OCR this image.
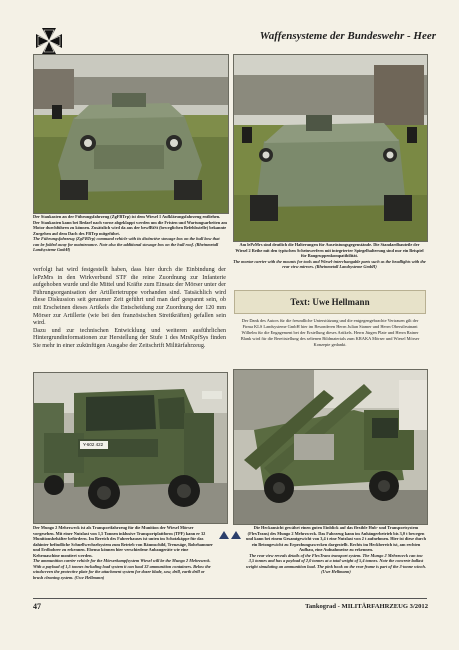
Waffensysteme der Bundeswehr - Heer
Der Staukasten an der Führungsfahrzeug (ZgFBTrp) ist dem Wiesel 1 Aufklärungsfahrzeug entliehen. Der Staukasten kann bei Bedarf nach vorne abgeklappt werden um die Fristen und Wartungsarbeiten am Motor durchführen zu können. Zusätzlich wird da aus der bewfBtSt (beweglichen Befehlsstelle) bekannte Zurgehen auf dem Dach des FBTrp mitgeführt.
The Führungsfahrzeug (ZgFBTrp) command vehicle with its distinctive stowage box on the hull bow that can be folded away for maintenance. Note also the additional stowage box on the hull roof. (Rheinmetall Landsysteme GmbH)

verfolgt hat wird festgestellt haben, dass hier durch die Einbindung der lePzMrs in den Wirkverbund STF die reine Zuordnung zur Infanterie aufgehoben wurde und die Mittel und Kräfte zum Einsatz der Mörser unter der Führungsorganisation der Artillerietruppe vorhanden sind. Tatsächlich wird diese Diskussion seit geraumer Zeit geführt und man darf gespannt sein, ob mit Erscheinen dieses Artikels die Entscheidung zur Zuordnung der 120 mm Mörser zur Artillerie (wie bei den französischen Streitkräften) gefallen sein wird.

Dazu und zur technischen Entwicklung und weiteren ausführlichen Hintergrundinformationen zur Herstellung der Stufe 1 des MrsKpfSys finden Sie mehr in einer zukünftigen Ausgabe der Zeitschrift Militärfahrzeug.

Am lePzMrs sind deutlich die Halterungen für Ausrüstungsgegenstände. Die Standardbauteile der Wiesel 2 Reihe mit den typischen Scheinwerfern mit integrierter Spiegelhalterung sind nur ein Beispiel für Baugruppenkompatibilität.
The mortar carrier with the mounts for tools and Wiesel-interchangable parts such as the headlights with the rear view mirrors. (Rheinmetall Landsysteme GmbH)
Text: Uwe Hellmann
Der Dank des Autors für die freundliche Unterstützung und die entgegengebrachte Vertrauen gilt der Firma KLS Landsysteme GmbH hier im Besonderen Herrn Julian Stamer und Herrn Oberstleutnant Wilhelm für die Engagement bei der Erstellung dieses Artikels. Herrn Jürgen Plate und Herrn Rainer Blank wird für die Bereitstellung des seltenen Bildmaterials zum KRAKA Mörser und Wiesel Mörser Konzepte gedankt.
Y-602 422
Der Mungo 2 Mehrzweck ist als Transportfahrzeug für die Munition der Wiesel Mörser vorgesehen. Mit einer Nutzlast von 1,5 Tonnen inklusive Transportplattform (TPF) kann er 32 Munitionsbehälter befördern. Im Bereich des Fahrerhauses ist unten im Schotzkäppe für das dahinter befindliche Schnellwechselsystem zum Betrieb von Räumschild, Trenzsäge, Bohrhammer und Erdbohrer zu erkennen. Ebenso können hier verschiedene Anbaugeräte wie eine Kehrmaschine montiert werden.
The ammunition carrier vehicle for the Mörserkampfsystem Wiesel will be the Mungo 2 Mehrzweck. With a payload of 1,5 tonnes including load system it can haul 32 ammunition containers. Below the windscreen the protective plate for the attachment system for dozer blade, saw, drill, earth drill or brush cleaning system. (Uwe Hellmann)
Die Heckansicht gewährt einen guten Einblick auf das flexible Hub- und Transportsystem (FlexTrans) des Mungo 2 Mehrzweck. Das Fahrzeug kann im Anhängerbetrieb bis 3,0 t bewegen und kann bei einem Gesamtgewicht von 3,4 t eine Nutzlast von 2 t aufnehmen. Hier ist diese durch ein Betongewicht zu Erprobungszwecken dargestellt. Rechts im Heckbereich ist, am rechten Aufbau, eine Aufnahmeöse zu erkennen.
The rear view reveals details of the FlexTrans transport system. The Mungo 2 Mehrzweck can tow 3,5 tonnes and has a payload of 2,0 tonnes at a total weight of 5,4 tonnes. Note the concrete ballast weight simulating an ammunition load. The pink hook on the rear frame is part of the 3-tonne winch. (Uwe Hellmann)
47	Tankograd - MILITÄRFAHRZEUG 3/2012
